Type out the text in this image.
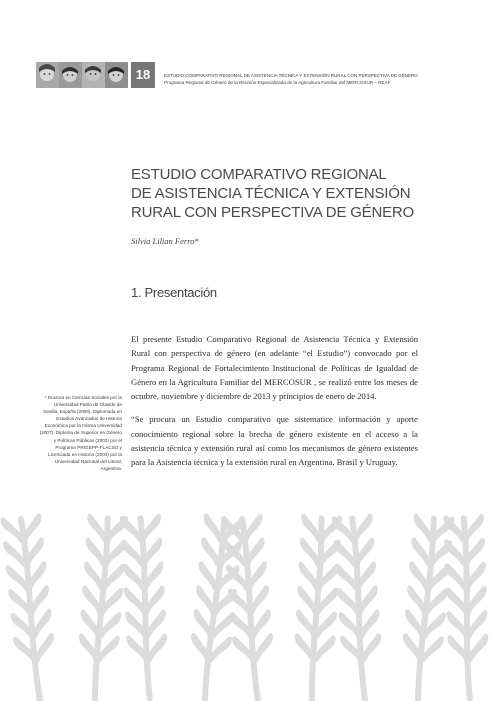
18	ESTUDIO COMPARATIVO REGIONAL DE ASISTENCIA TÉCNICA Y EXTENSIÓN RURAL CON PERSPECTIVA DE GÉNERO
Programa Regional de Género de la Reunión Especializada de la Agricultura Familiar del MERCOSUR – REAF
ESTUDIO COMPARATIVO REGIONAL
DE ASISTENCIA TÉCNICA Y EXTENSIÓN
RURAL CON PERSPECTIVA DE GÉNERO
Silvia Lilian Ferro*
1. Presentación

El presente Estudio Comparativo Regional de Asistencia Técnica y Extensión Rural con perspectiva de género (en adelante “el Estudio”) convocado por el Programa Regional de Fortalecimiento Institucional de Políticas de Igualdad de Género en la Agricultura Familiar del MERCOSUR , se realizó entre los meses de octubre, noviembre y diciembre de 2013 y principios de enero de 2014.

“Se procura un Estudio comparativo que sistematice información y aporte conocimiento regional sobre la brecha de género existente en el acceso a la asistencia técnica y extensión rural así como los mecanismos de género existentes para la Asistencia técnica y la extensión rural en Argentina, Brasil y Uruguay.

* Doctora en Ciencias Sociales por la Universidad Pablo de Olavide de Sevilla, España (2009). Diplomada en Estudios Avanzados de Historia Económica por la misma Universidad (2007). Diploma de Superior en Género y Políticas Públicas (2003) por el Programa PRIGEPP-FLACSO y Licenciada en Historia (2003) por la Universidad Nacional del Litoral, Argentina.
